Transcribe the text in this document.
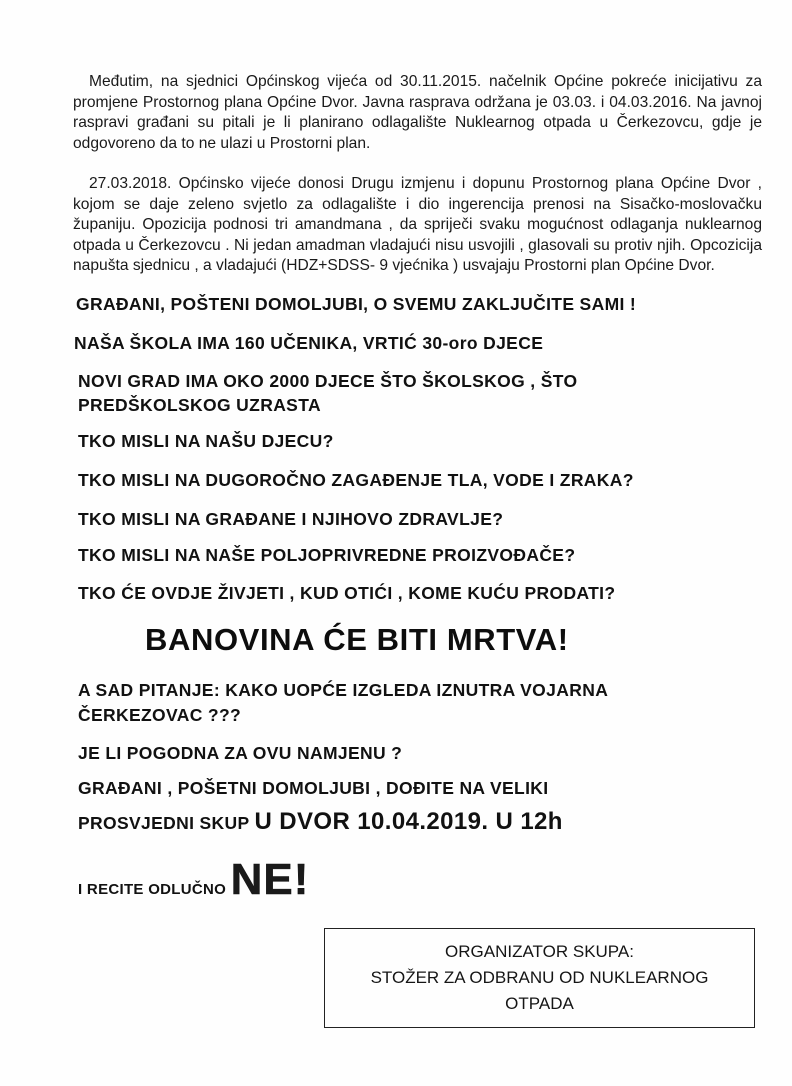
Međutim, na sjednici Općinskog vijeća od 30.11.2015. načelnik Općine pokreće inicijativu za promjene Prostornog plana Općine Dvor. Javna rasprava održana je 03.03. i 04.03.2016. Na javnoj raspravi građani su pitali je li planirano odlagalište Nuklearnog otpada u Čerkezovcu, gdje je odgovoreno da to ne ulazi u Prostorni plan.

27.03.2018. Općinsko vijeće donosi Drugu izmjenu i dopunu Prostornog plana Općine Dvor , kojom se daje zeleno svjetlo za odlagalište i dio ingerencija prenosi na Sisačko-moslovačku županiju. Opozicija podnosi tri amandmana , da spriječi svaku mogućnost odlaganja nuklearnog otpada u Čerkezovcu . Ni jedan amadman vladajući nisu usvojili , glasovali su protiv njih. Opcozicija napušta sjednicu , a vladajući (HDZ+SDSS- 9 vjećnika ) usvajaju Prostorni plan Općine Dvor.

GRAĐANI, POŠTENI DOMOLJUBI, O SVEMU ZAKLJUČITE SAMI !

NAŠA ŠKOLA IMA 160 UČENIKA, VRTIĆ 30-oro DJECE

NOVI GRAD IMA OKO 2000 DJECE ŠTO ŠKOLSKOG , ŠTO

PREDŠKOLSKOG UZRASTA

TKO MISLI NA NAŠU DJECU?

TKO MISLI NA DUGOROČNO ZAGAĐENJE TLA, VODE I ZRAKA?

TKO MISLI NA GRAĐANE I NJIHOVO ZDRAVLJE?

TKO MISLI NA NAŠE POLJOPRIVREDNE PROIZVOĐAČE?

TKO ĆE OVDJE ŽIVJETI , KUD OTIĆI , KOME KUĆU PRODATI?

BANOVINA ĆE BITI MRTVA!

A SAD PITANJE: KAKO UOPĆE IZGLEDA IZNUTRA VOJARNA

ČERKEZOVAC ???

JE LI POGODNA ZA OVU NAMJENU ?

GRAĐANI , POŠETNI DOMOLJUBI , DOĐITE NA VELIKI

PROSVJEDNI SKUP U DVOR 10.04.2019. U 12h

I RECITE ODLUČNO NE!

ORGANIZATOR SKUPA:
STOŽER ZA ODBRANU OD NUKLEARNOG
OTPADA
